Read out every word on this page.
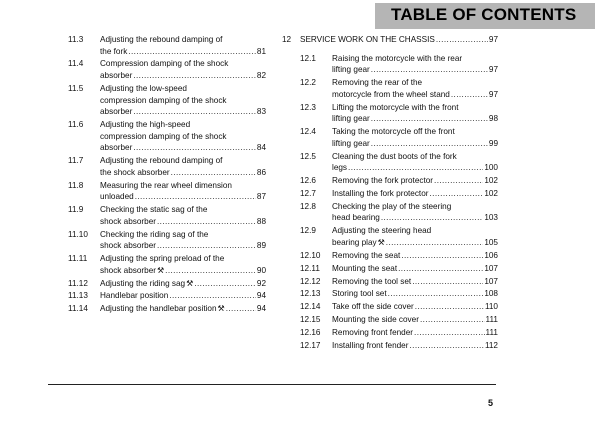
TABLE OF CONTENTS
11.3 Adjusting the rebound damping of
the fork .....	81
11.4 Compression damping of the shock
absorber .....	82
11.5 Adjusting the low-speed
compression damping of the shock
absorber .....	83
11.6 Adjusting the high-speed
compression damping of the shock
absorber .....	84
11.7 Adjusting the rebound damping of
the shock absorber .....	86
11.8 Measuring the rear wheel dimension
unloaded .....	87
11.9 Checking the static sag of the
shock absorber .....	88
11.10 Checking the riding sag of the
shock absorber .....	89
11.11 Adjusting the spring preload of the
shock absorber⚒ .....	90
11.12 Adjusting the riding sag⚒ .....	92
11.13 Handlebar position .....	94
11.14 Adjusting the handlebar position⚒ .....	94
12	SERVICE WORK ON THE CHASSIS .....	97
12.1 Raising the motorcycle with the rear
lifting gear .....	97
12.2 Removing the rear of the
motorcycle from the wheel stand .....	97
12.3 Lifting the motorcycle with the front
lifting gear .....	98
12.4 Taking the motorcycle off the front
lifting gear .....	99
12.5 Cleaning the dust boots of the fork
legs .....	100
12.6 Removing the fork protector .....	102
12.7 Installing the fork protector .....	102
12.8 Checking the play of the steering
head bearing .....	103
12.9 Adjusting the steering head
bearing play⚒ .....	105
12.10 Removing the seat .....	106
12.11 Mounting the seat .....	107
12.12 Removing the tool set .....	107
12.13 Storing tool set .....	108
12.14 Take off the side cover .....	110
12.15 Mounting the side cover .....	111
12.16 Removing front fender .....	111
12.17 Installing front fender .....	112
5
